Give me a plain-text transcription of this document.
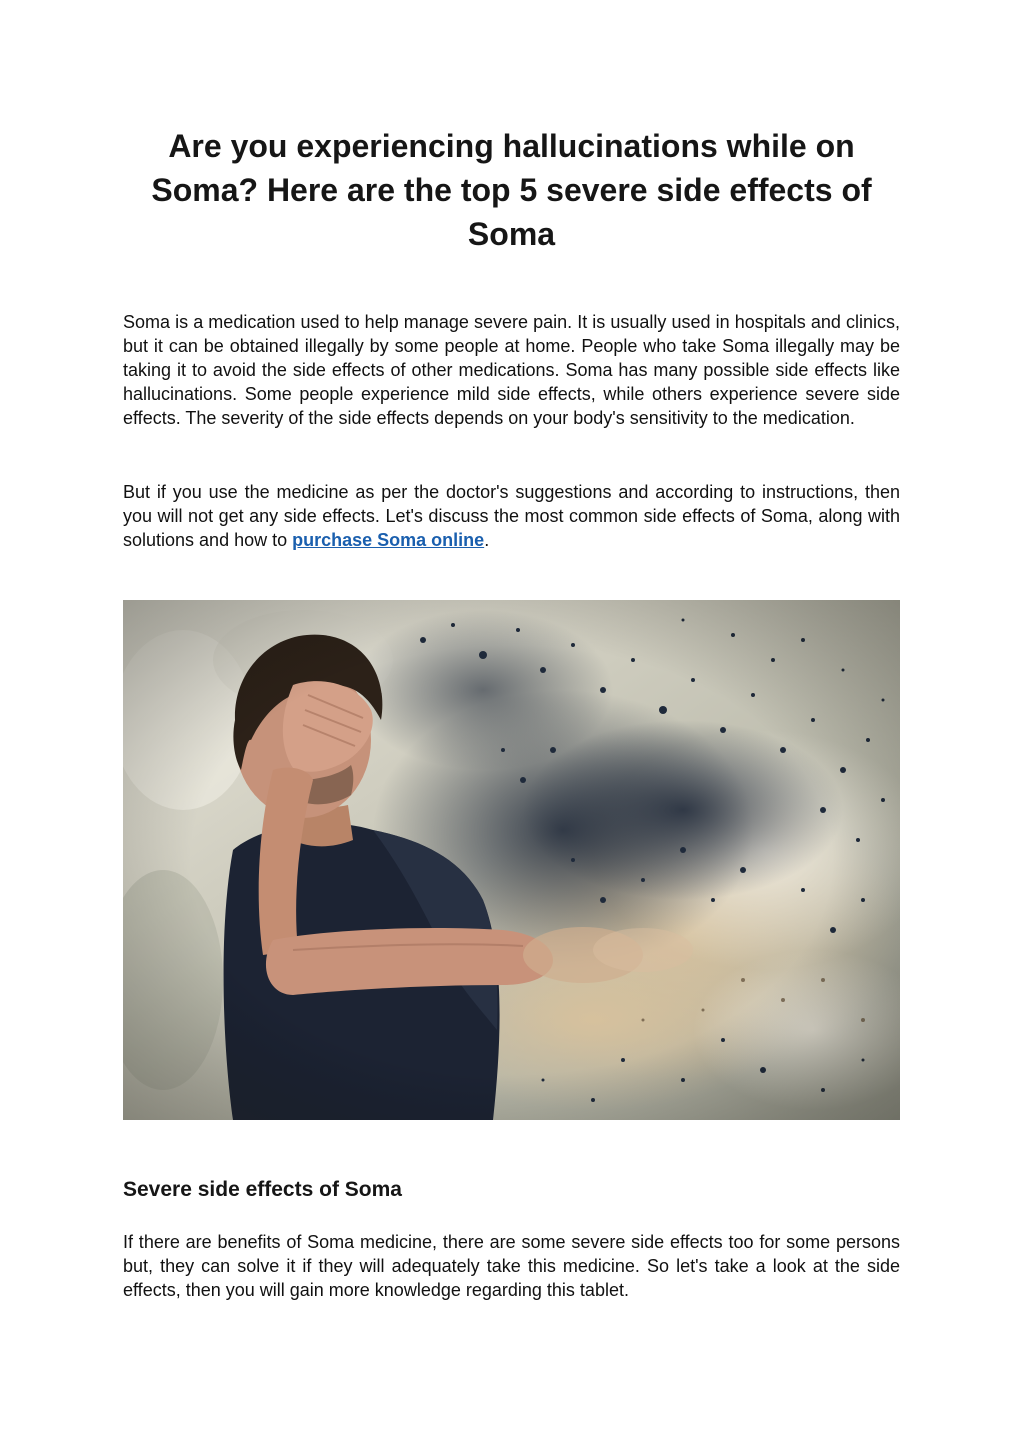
Are you experiencing hallucinations while on Soma? Here are the top 5 severe side effects of Soma

Soma is a medication used to help manage severe pain. It is usually used in hospitals and clinics, but it can be obtained illegally by some people at home. People who take Soma illegally may be taking it to avoid the side effects of other medications. Soma has many possible side effects like hallucinations. Some people experience mild side effects, while others experience severe side effects. The severity of the side effects depends on your body's sensitivity to the medication.

But if you use the medicine as per the doctor's suggestions and according to instructions, then you will not get any side effects. Let's discuss the most common side effects of Soma, along with solutions and how to purchase Soma online.

Severe side effects of Soma

If there are benefits of Soma medicine, there are some severe side effects too for some persons but, they can solve it if they will adequately take this medicine. So let's take a look at the side effects, then you will gain more knowledge regarding this tablet.
